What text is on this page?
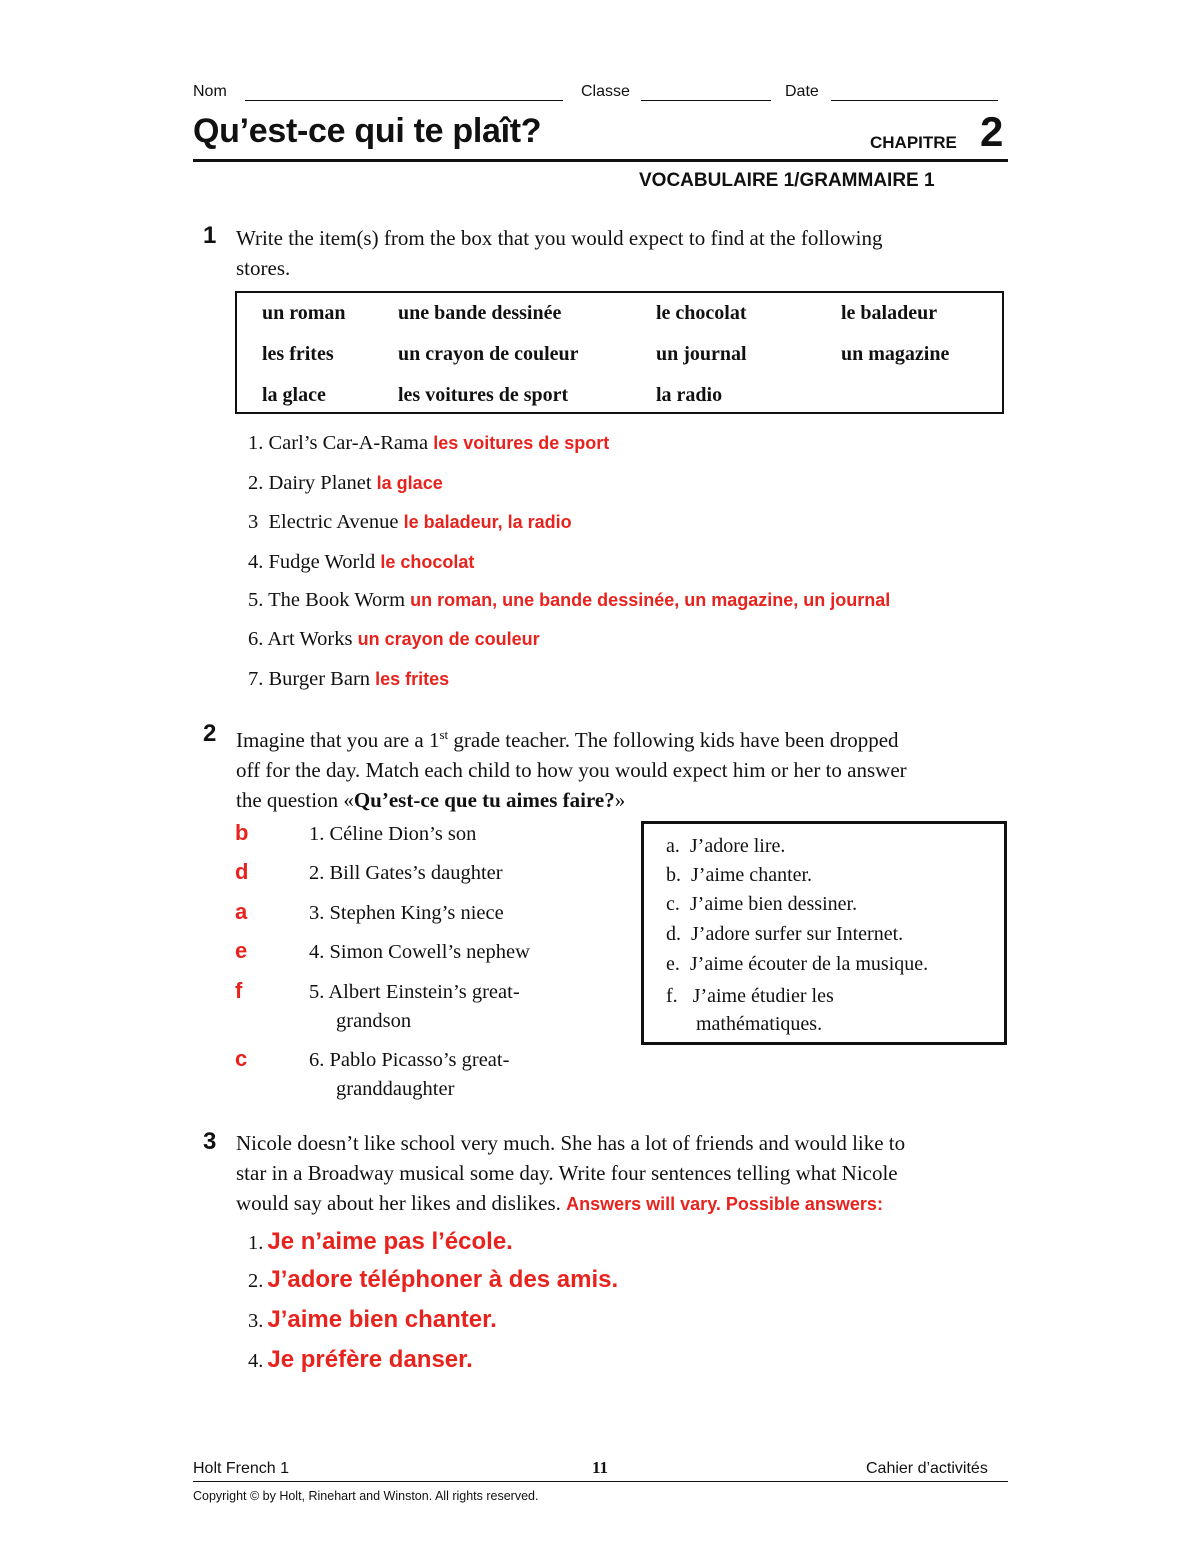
Nom	Classe	Date
Qu’est-ce qui te plaît?	CHAPITRE 2
VOCABULAIRE 1/GRAMMAIRE 1
1 Write the item(s) from the box that you would expect to find at the following
stores.
un roman	une bande dessinée	le chocolat	le baladeur
les frites	un crayon de couleur	un journal	un magazine
la glace	les voitures de sport	la radio
1. Carl’s Car-A-Rama les voitures de sport
2. Dairy Planet la glace
3 Electric Avenue le baladeur, la radio
4. Fudge World le chocolat
5. The Book Worm un roman, une bande dessinée, un magazine, un journal
6. Art Works un crayon de couleur
7. Burger Barn les frites
2 Imagine that you are a 1st grade teacher. The following kids have been dropped
off for the day. Match each child to how you would expect him or her to answer
the question «Qu’est-ce que tu aimes faire?»
b	1. Céline Dion’s son
d	2. Bill Gates’s daughter
a	3. Stephen King’s niece
e	4. Simon Cowell’s nephew
f	5. Albert Einstein’s great-
grandson
c	6. Pablo Picasso’s great-
granddaughter
a. J’adore lire.
b. J’aime chanter.
c. J’aime bien dessiner.
d. J’adore surfer sur Internet.
e. J’aime écouter de la musique.
f. J’aime étudier les
mathématiques.
3 Nicole doesn’t like school very much. She has a lot of friends and would like to
star in a Broadway musical some day. Write four sentences telling what Nicole
would say about her likes and dislikes. Answers will vary. Possible answers:
1. Je n’aime pas l’école.
2. J’adore téléphoner à des amis.
3. J’aime bien chanter.
4. Je préfère danser.
Holt French 1	11	Cahier d’activités
Copyright © by Holt, Rinehart and Winston. All rights reserved.
